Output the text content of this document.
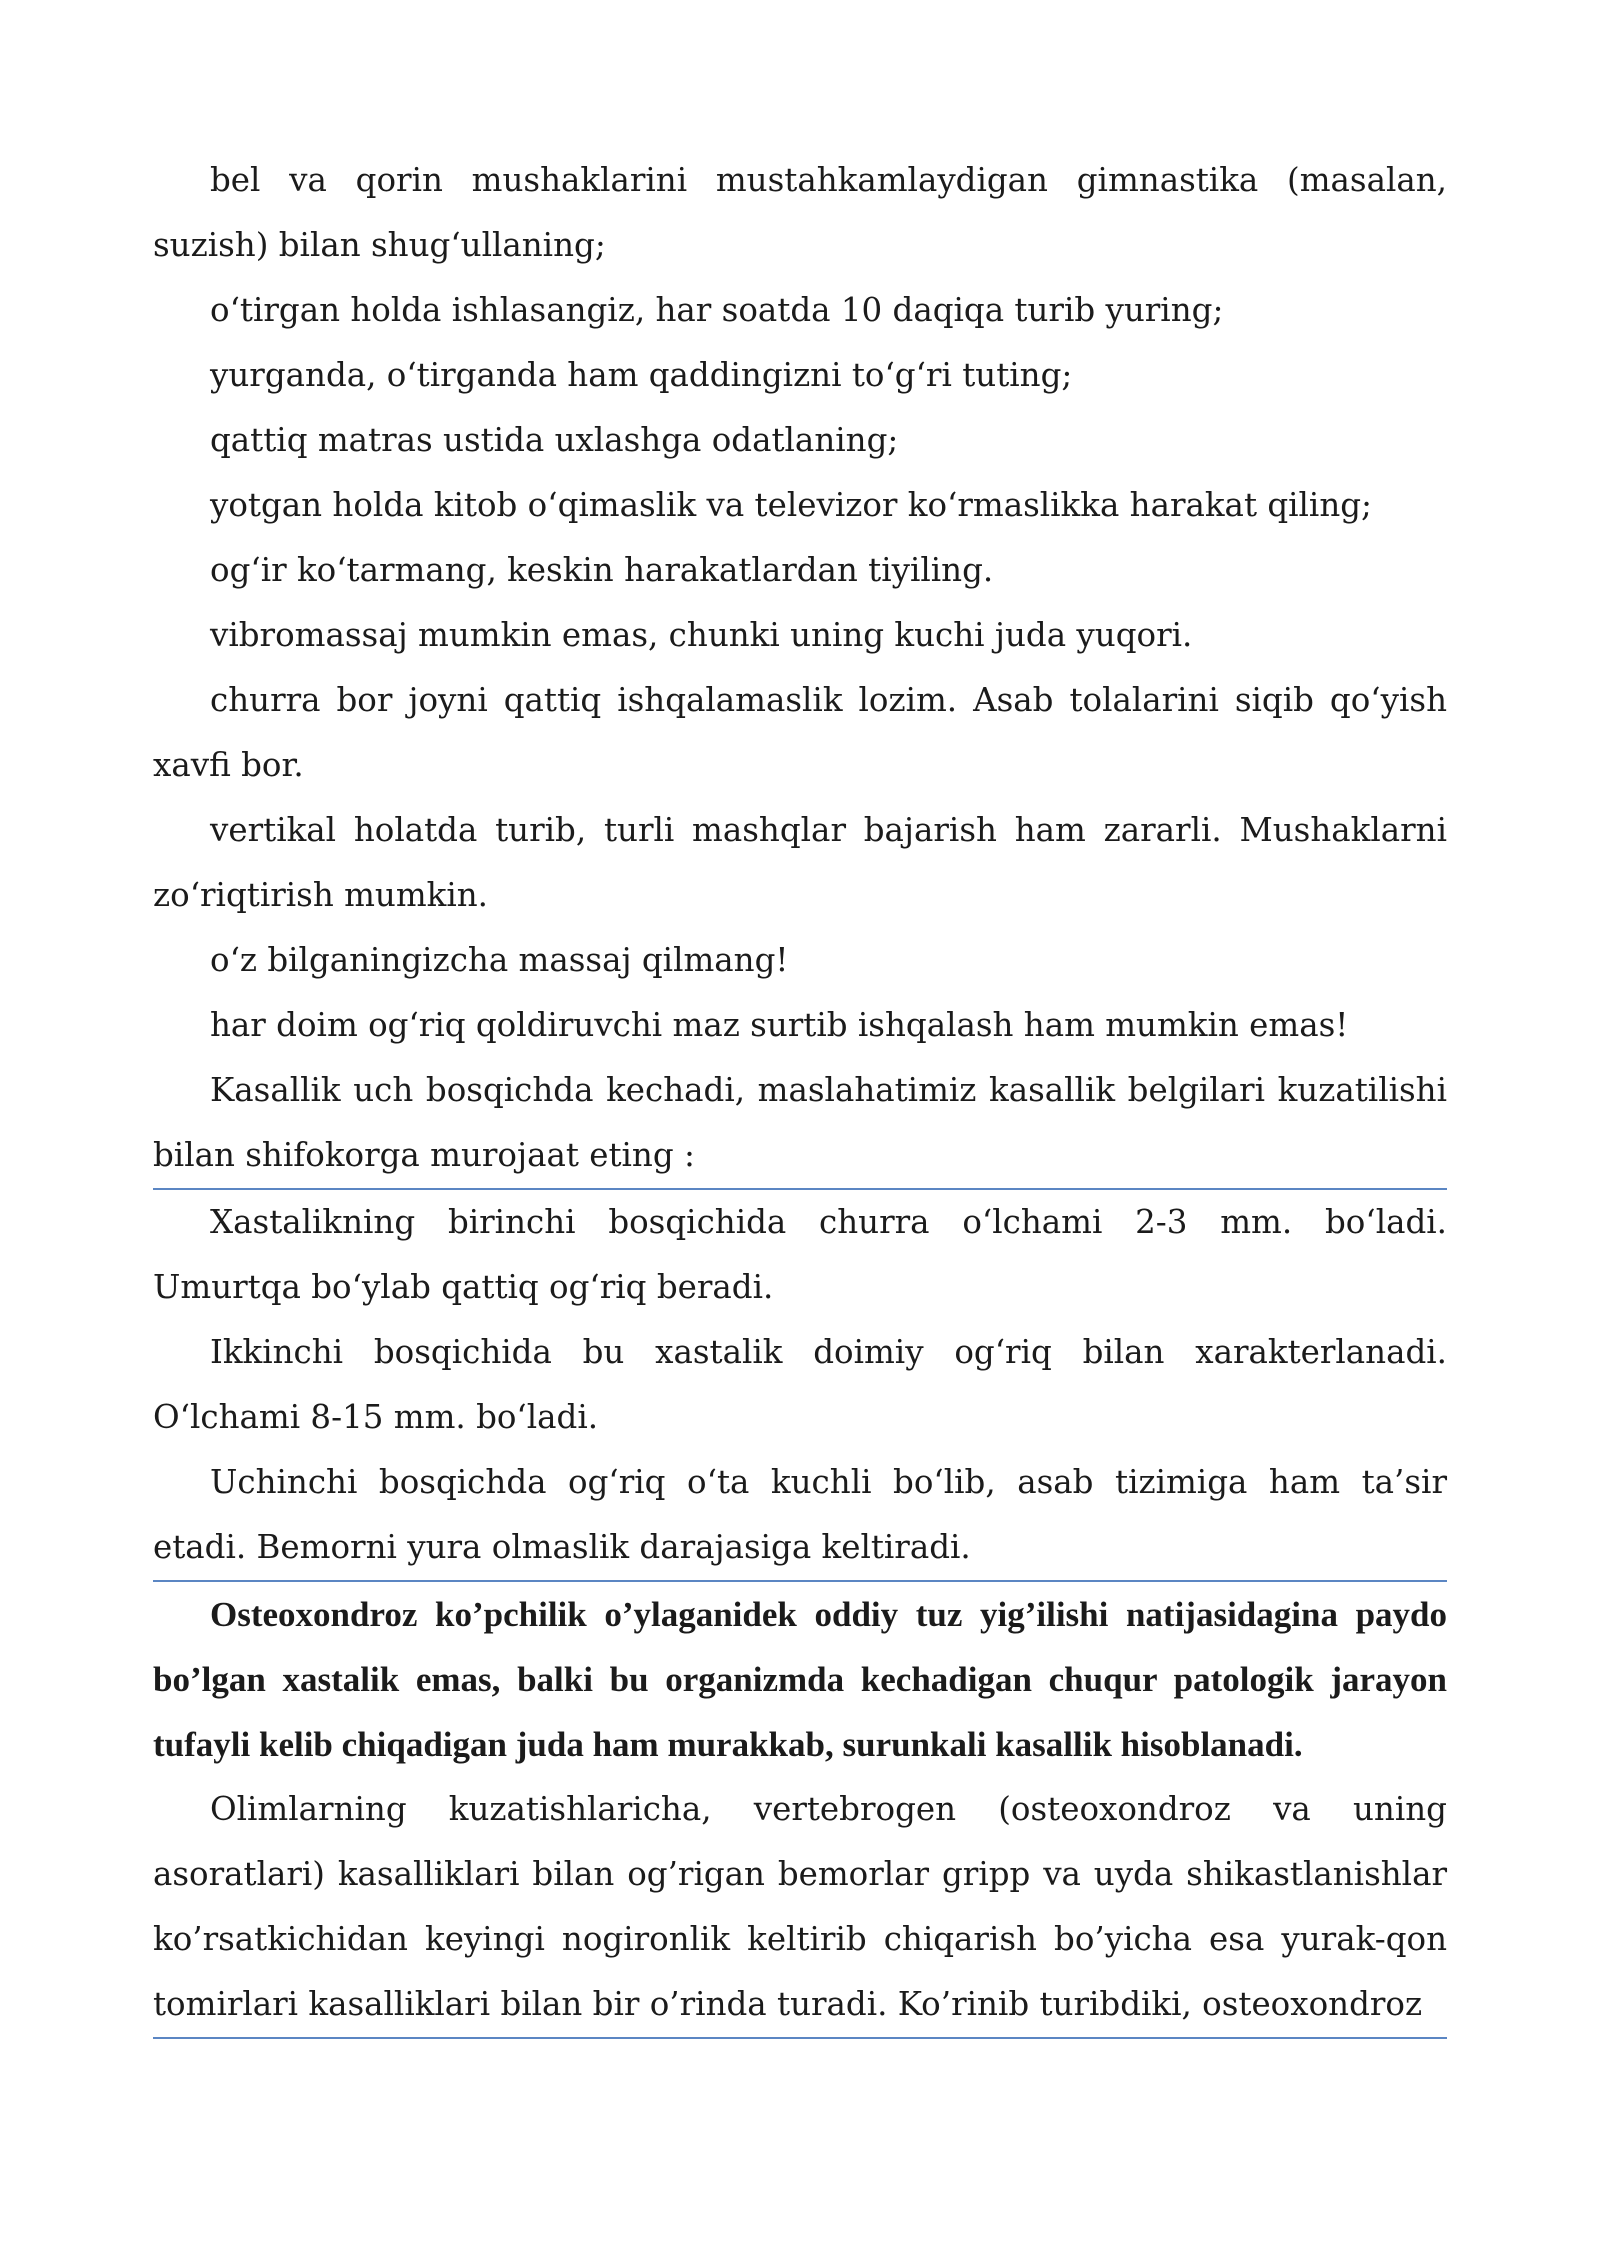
bel va qorin mushaklarini mustahkamlaydigan gimnastika (masalan, suzish) bilan shug‘ullaning;

o‘tirgan holda ishlasangiz, har soatda 10 daqiqa turib yuring;

yurganda, o‘tirganda ham qaddingizni to‘g‘ri tuting;

qattiq matras ustida uxlashga odatlaning;

yotgan holda kitob o‘qimaslik va televizor ko‘rmaslikka harakat qiling;

og‘ir ko‘tarmang, keskin harakatlardan tiyiling.

vibromassaj mumkin emas, chunki uning kuchi juda yuqori.

churra bor joyni qattiq ishqalamaslik lozim. Asab tolalarini siqib qo‘yish xavfi bor.

vertikal holatda turib, turli mashqlar bajarish ham zararli. Mushaklarni zo‘riqtirish mumkin.

o‘z bilganingizcha massaj qilmang!

har doim og‘riq qoldiruvchi maz surtib ishqalash ham mumkin emas!

Kasallik uch bosqichda kechadi, maslahatimiz kasallik belgilari kuzatilishi bilan shifokorga murojaat eting :

Xastalikning birinchi bosqichida churra o‘lchami 2-3 mm. bo‘ladi. Umurtqa bo‘ylab qattiq og‘riq beradi.

Ikkinchi bosqichida bu xastalik doimiy og‘riq bilan xarakterlanadi. O‘lchami 8-15 mm. bo‘ladi.

Uchinchi bosqichda og‘riq o‘ta kuchli bo‘lib, asab tizimiga ham ta’sir etadi. Bemorni yura olmaslik darajasiga keltiradi.

Osteoxondroz ko’pchilik o’ylaganidek oddiy tuz yig’ilishi natijasidagina paydo bo’lgan xastalik emas, balki bu organizmda kechadigan chuqur patologik jarayon tufayli kelib chiqadigan juda ham murakkab, surunkali kasallik hisoblanadi.

Olimlarning kuzatishlaricha, vertebrogen (osteoxondroz va uning asoratlari) kasalliklari bilan og’rigan bemorlar gripp va uyda shikastlanishlar ko’rsatkichidan keyingi nogironlik keltirib chiqarish bo’yicha esa yurak-qon tomirlari kasalliklari bilan bir o’rinda turadi. Ko’rinib turibdiki, osteoxondroz
